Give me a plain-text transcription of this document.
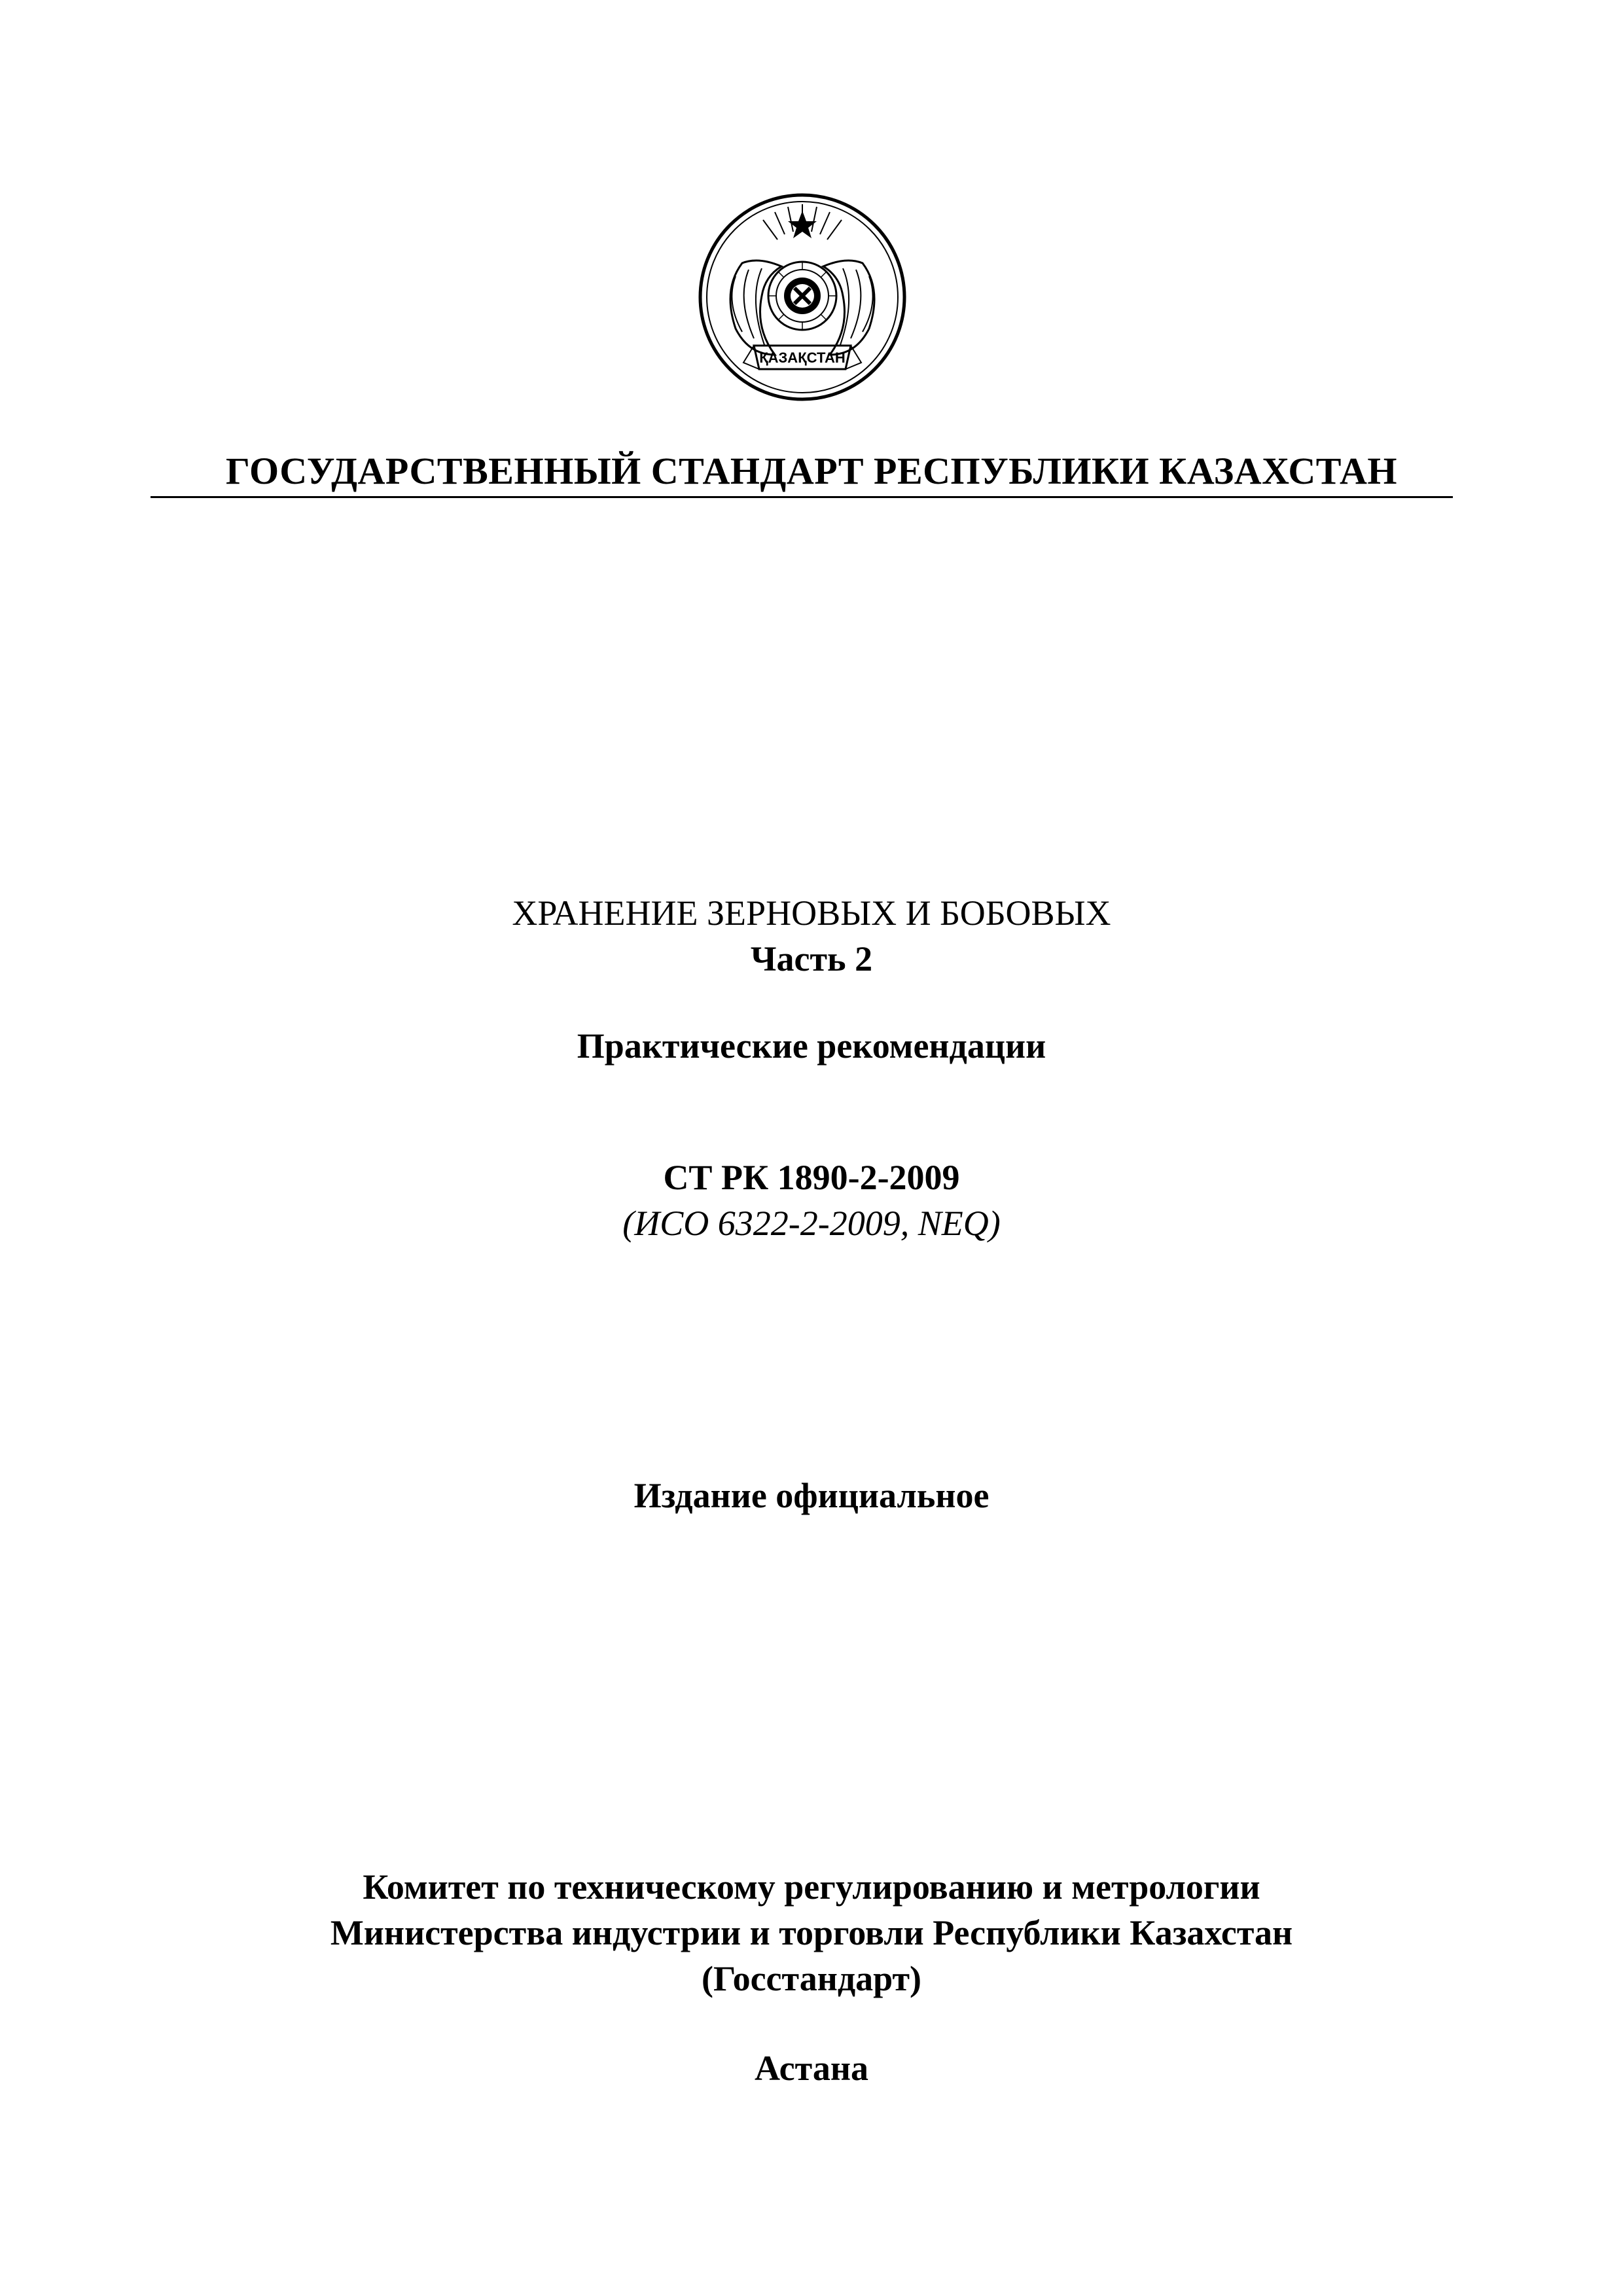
ҚАЗАҚСТАН
ГОСУДАРСТВЕННЫЙ СТАНДАРТ РЕСПУБЛИКИ КАЗАХСТАН
ХРАНЕНИЕ ЗЕРНОВЫХ И БОБОВЫХ
Часть 2
Практические рекомендации
СТ РК 1890-2-2009
(ИСО 6322-2-2009, NEQ)
Издание официальное
Комитет по техническому регулированию и метрологии
Министерства индустрии и торговли Республики Казахстан
(Госстандарт)
Астана
